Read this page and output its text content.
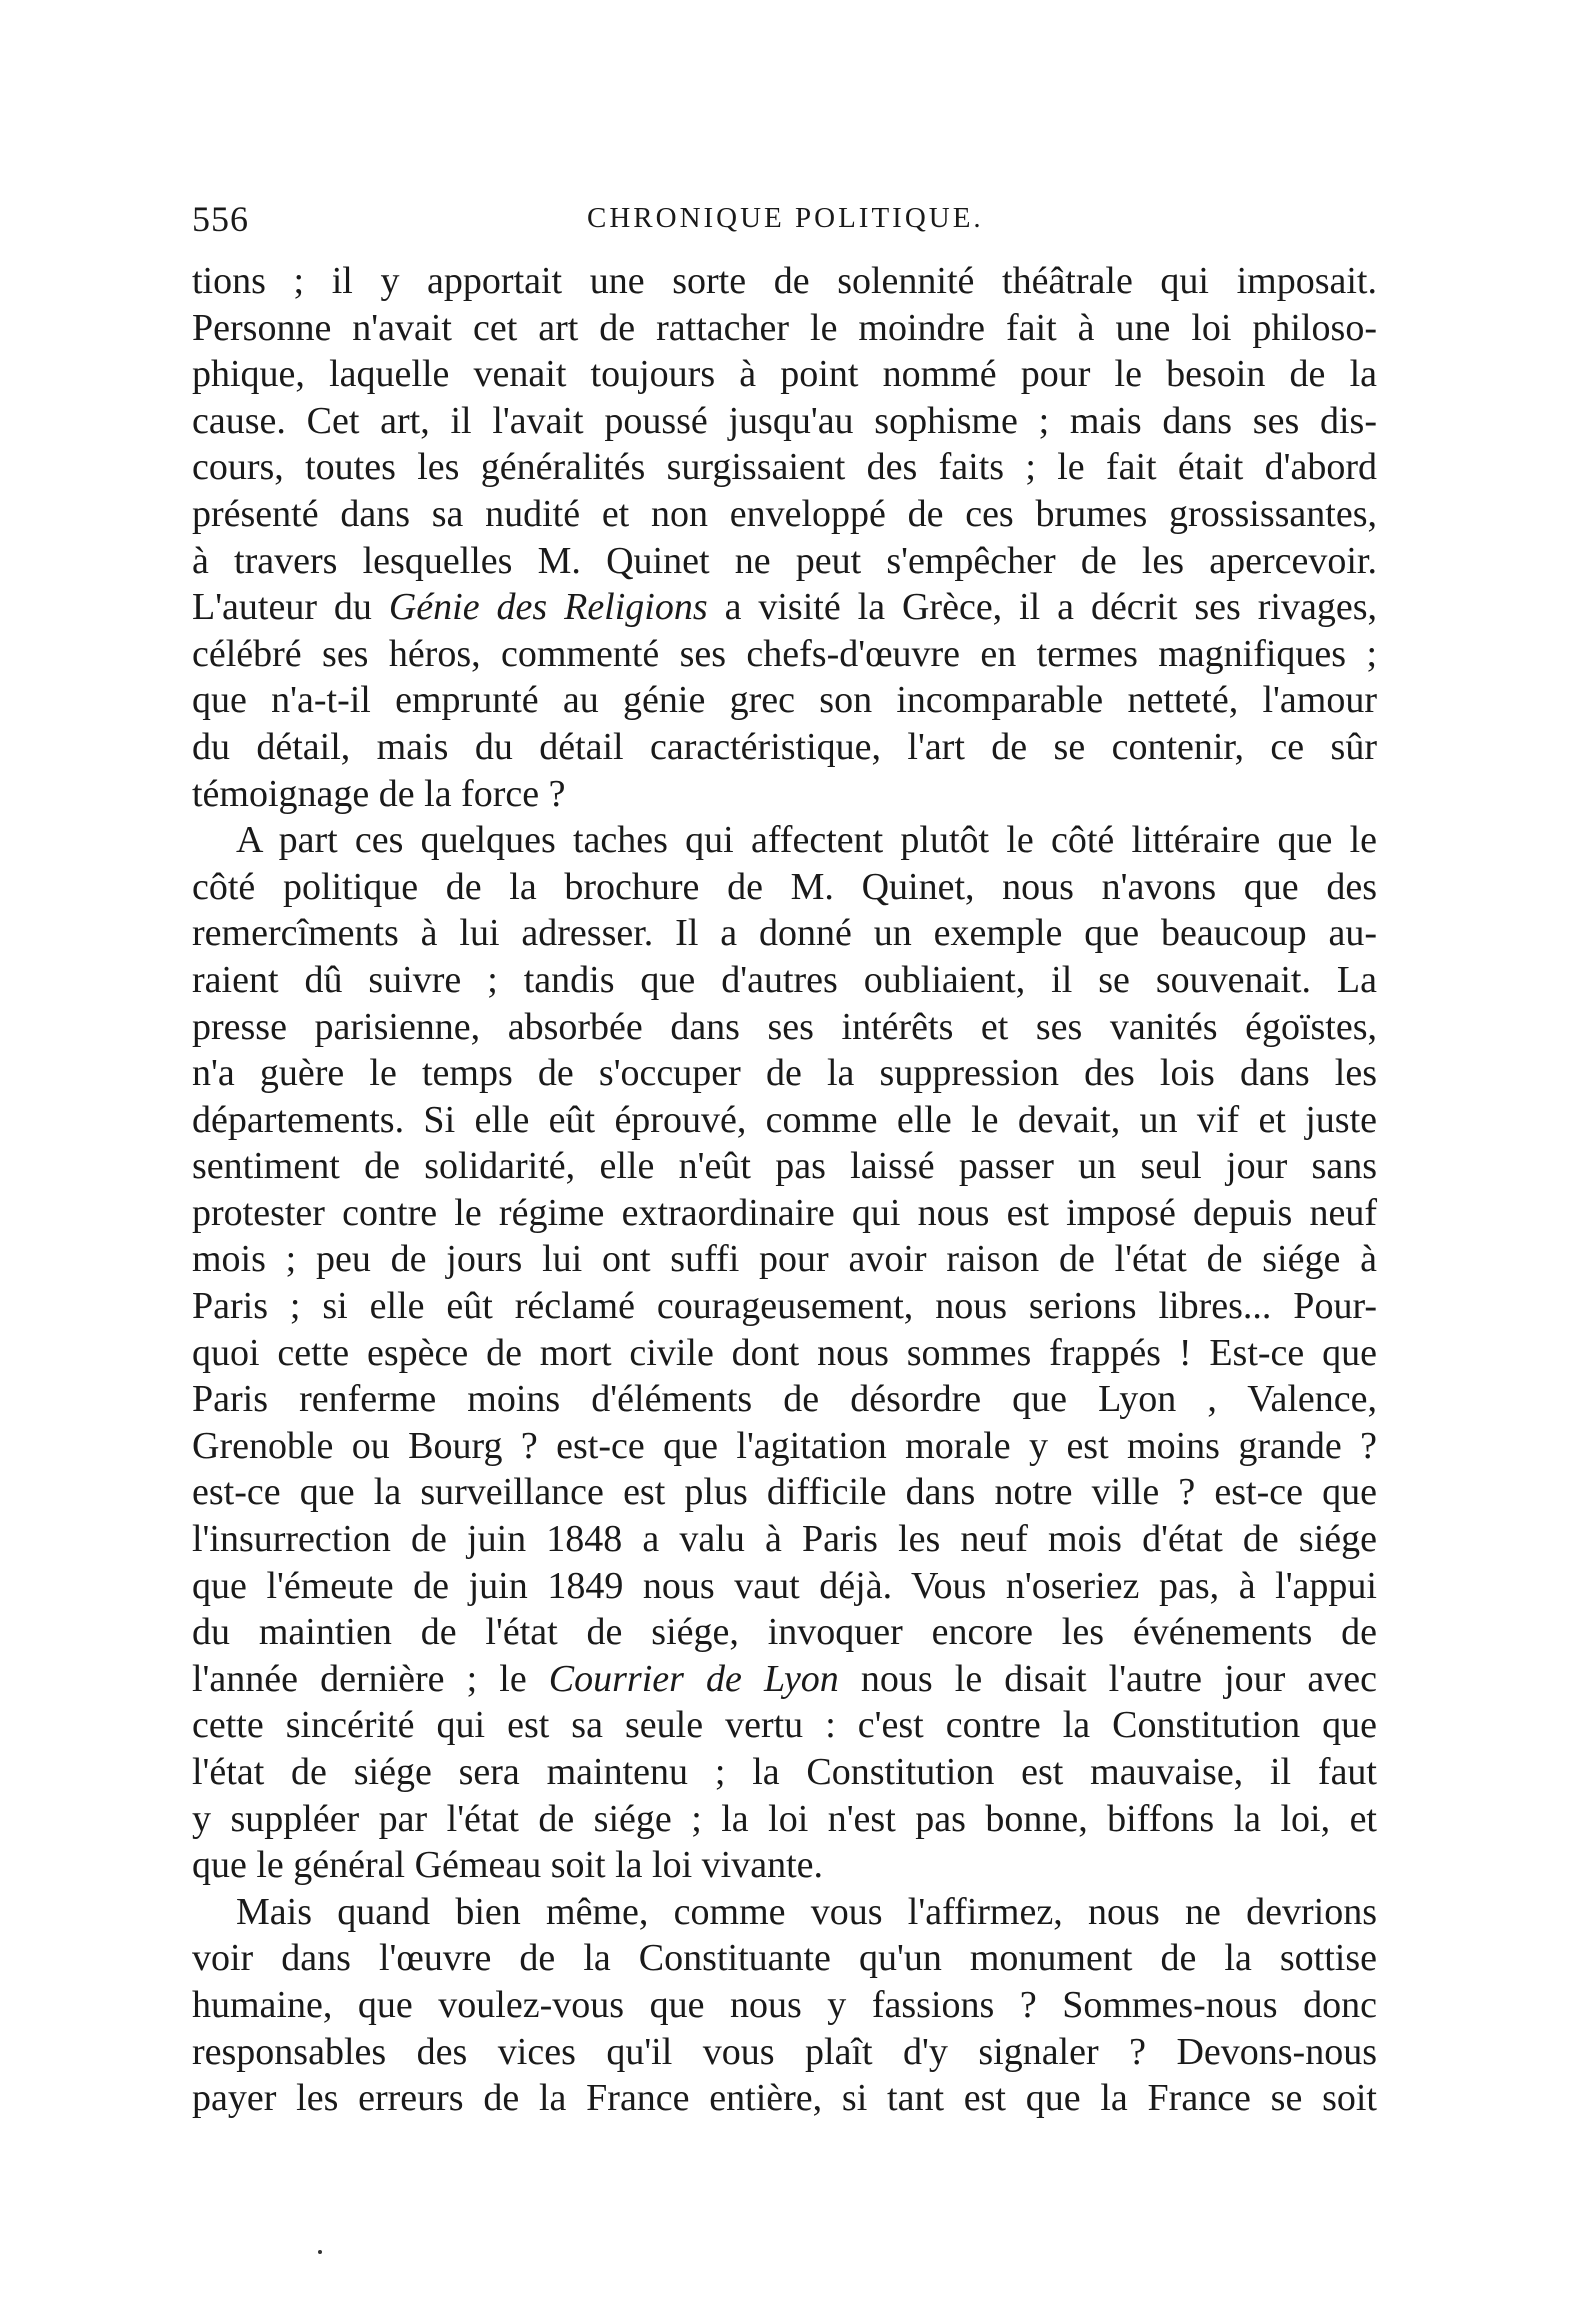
556	CHRONIQUE POLITIQUE.
tions ; il y apportait une sorte de solennité théâtrale qui imposait.
Personne n'avait cet art de rattacher le moindre fait à une loi philoso-
phique, laquelle venait toujours à point nommé pour le besoin de la
cause. Cet art, il l'avait poussé jusqu'au sophisme ; mais dans ses dis-
cours, toutes les généralités surgissaient des faits ; le fait était d'abord
présenté dans sa nudité et non enveloppé de ces brumes grossissantes,
à travers lesquelles M. Quinet ne peut s'empêcher de les apercevoir.
L'auteur du Génie des Religions a visité la Grèce, il a décrit ses rivages,
célébré ses héros, commenté ses chefs-d'œuvre en termes magnifiques ;
que n'a-t-il emprunté au génie grec son incomparable netteté, l'amour
du détail, mais du détail caractéristique, l'art de se contenir, ce sûr
témoignage de la force ?
A part ces quelques taches qui affectent plutôt le côté littéraire que le
côté politique de la brochure de M. Quinet, nous n'avons que des
remercîments à lui adresser. Il a donné un exemple que beaucoup au-
raient dû suivre ; tandis que d'autres oubliaient, il se souvenait. La
presse parisienne, absorbée dans ses intérêts et ses vanités égoïstes,
n'a guère le temps de s'occuper de la suppression des lois dans les
départements. Si elle eût éprouvé, comme elle le devait, un vif et juste
sentiment de solidarité, elle n'eût pas laissé passer un seul jour sans
protester contre le régime extraordinaire qui nous est imposé depuis neuf
mois ; peu de jours lui ont suffi pour avoir raison de l'état de siége à
Paris ; si elle eût réclamé courageusement, nous serions libres... Pour-
quoi cette espèce de mort civile dont nous sommes frappés ! Est-ce que
Paris renferme moins d'éléments de désordre que Lyon , Valence,
Grenoble ou Bourg ? est-ce que l'agitation morale y est moins grande ?
est-ce que la surveillance est plus difficile dans notre ville ? est-ce que
l'insurrection de juin 1848 a valu à Paris les neuf mois d'état de siége
que l'émeute de juin 1849 nous vaut déjà. Vous n'oseriez pas, à l'appui
du maintien de l'état de siége, invoquer encore les événements de
l'année dernière ; le Courrier de Lyon nous le disait l'autre jour avec
cette sincérité qui est sa seule vertu : c'est contre la Constitution que
l'état de siége sera maintenu ; la Constitution est mauvaise, il faut
y suppléer par l'état de siége ; la loi n'est pas bonne, biffons la loi, et
que le général Gémeau soit la loi vivante.
Mais quand bien même, comme vous l'affirmez, nous ne devrions
voir dans l'œuvre de la Constituante qu'un monument de la sottise
humaine, que voulez-vous que nous y fassions ? Sommes-nous donc
responsables des vices qu'il vous plaît d'y signaler ? Devons-nous
payer les erreurs de la France entière, si tant est que la France se soit
